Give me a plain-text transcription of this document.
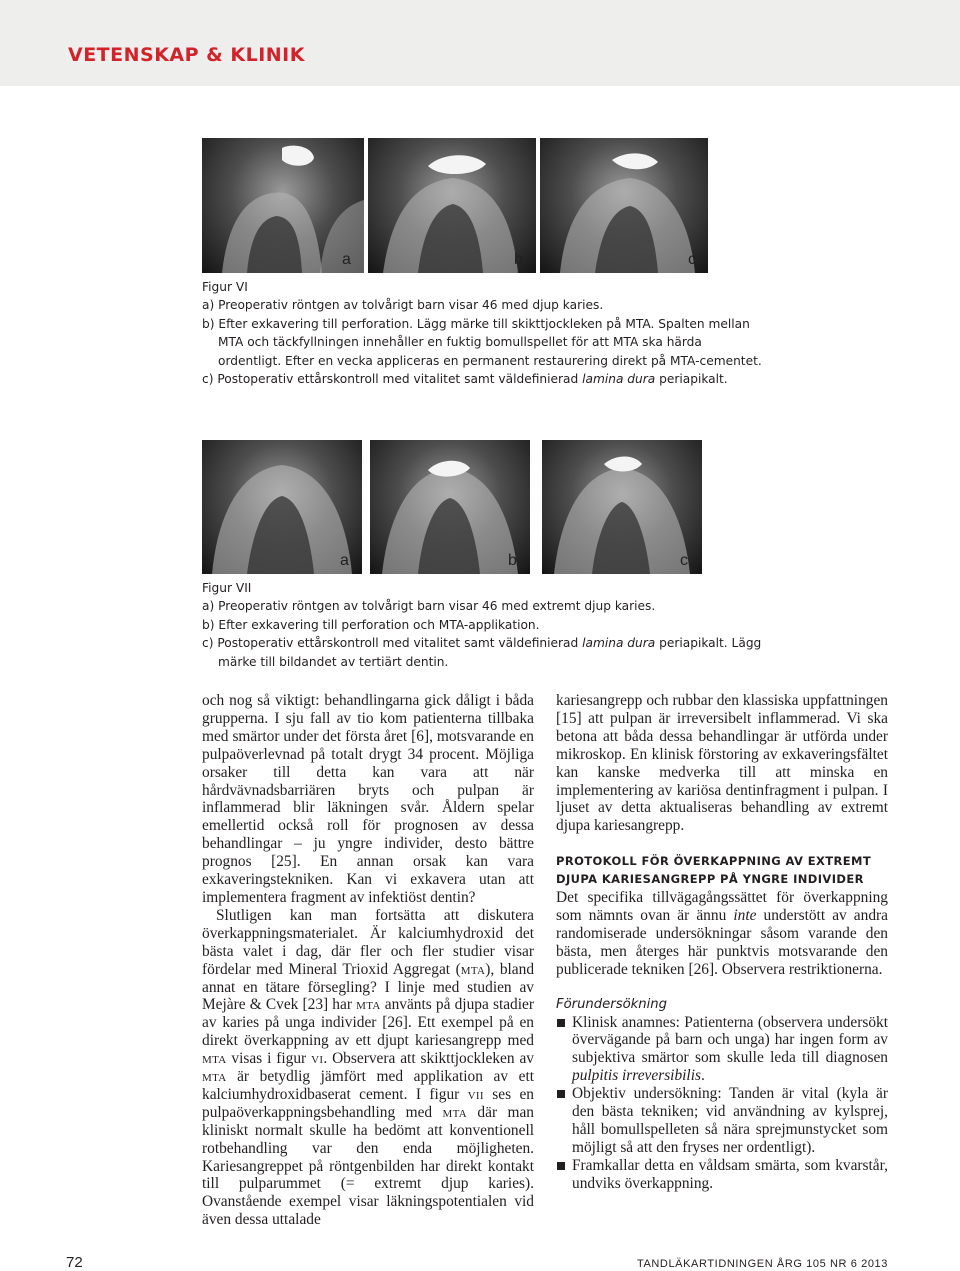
VETENSKAP & KLINIK
a	b	c
Figur VI
a) Preoperativ röntgen av tolvårigt barn visar 46 med djup karies.
b) Efter exkavering till perforation. Lägg märke till skikttjockleken på MTA. Spalten mellan MTA och täckfyllningen innehåller en fuktig bomullspellet för att MTA ska härda ordentligt. Efter en vecka appliceras en permanent restaurering direkt på MTA-cementet.
c) Postoperativ ettårskontroll med vitalitet samt väldefinierad lamina dura periapikalt.
a	b	c
Figur VII
a) Preoperativ röntgen av tolvårigt barn visar 46 med extremt djup karies.
b) Efter exkavering till perforation och MTA-applikation.
c) Postoperativ ettårskontroll med vitalitet samt väldefinierad lamina dura periapikalt. Lägg märke till bildandet av tertiärt dentin.

och nog så viktigt: behandlingarna gick dåligt i båda grupperna. I sju fall av tio kom patienterna tillbaka med smärtor under det första året [6], motsvarande en pulpaöverlevnad på totalt drygt 34 procent. Möjliga orsaker till detta kan vara att när hårdvävnadsbarriären bryts och pulpan är inflammerad blir läkningen svår. Åldern spelar emellertid också roll för prognosen av dessa behandlingar – ju yngre individer, desto bättre prognos [25]. En annan orsak kan vara exkaveringstekniken. Kan vi exkavera utan att implementera fragment av infektiöst dentin?

Slutligen kan man fortsätta att diskutera överkappningsmaterialet. Är kalciumhydroxid det bästa valet i dag, där fler och fler studier visar fördelar med Mineral Trioxid Aggregat (mta), bland annat en tätare försegling? I linje med studien av Mejàre & Cvek [23] har mta använts på djupa stadier av karies på unga individer [26]. Ett exempel på en direkt överkappning av ett djupt kariesangrepp med mta visas i figur vi. Observera att skikttjockleken av mta är betydlig jämfört med applikation av ett kalciumhydroxidbaserat cement. I figur vii ses en pulpaöverkappningsbehandling med mta där man kliniskt normalt skulle ha bedömt att konventionell rotbehandling var den enda möjligheten. Kariesangreppet på röntgenbilden har direkt kontakt till pulparummet (= extremt djup karies). Ovanstående exempel visar läkningspotentialen vid även dessa uttalade

kariesangrepp och rubbar den klassiska uppfattningen [15] att pulpan är irreversibelt inflammerad. Vi ska betona att båda dessa behandlingar är utförda under mikroskop. En klinisk förstoring av exkaveringsfältet kan kanske medverka till att minska en implementering av kariösa dentinfragment i pulpan. I ljuset av detta aktualiseras behandling av extremt djupa kariesangrepp.

PROTOKOLL FÖR ÖVERKAPPNING AV EXTREMT
DJUPA KARIESANGREPP PÅ YNGRE INDIVIDER

Det specifika tillvägagångssättet för överkappning som nämnts ovan är ännu inte understött av andra randomiserade undersökningar såsom varande den bästa, men återges här punktvis motsvarande den publicerade tekniken [26]. Observera restriktionerna.

Förundersökning

Klinisk anamnes: Patienterna (observera undersökt övervägande på barn och unga) har ingen form av subjektiva smärtor som skulle leda till diagnosen pulpitis irreversibilis.

Objektiv undersökning: Tanden är vital (kyla är den bästa tekniken; vid användning av kylsprej, håll bomullspelleten så nära sprejmunstycket som möjligt så att den fryses ner ordentligt).

Framkallar detta en våldsam smärta, som kvarstår, undviks överkappning.

72	TANDLÄKARTIDNINGEN ÅRG 105 NR 6 2013
